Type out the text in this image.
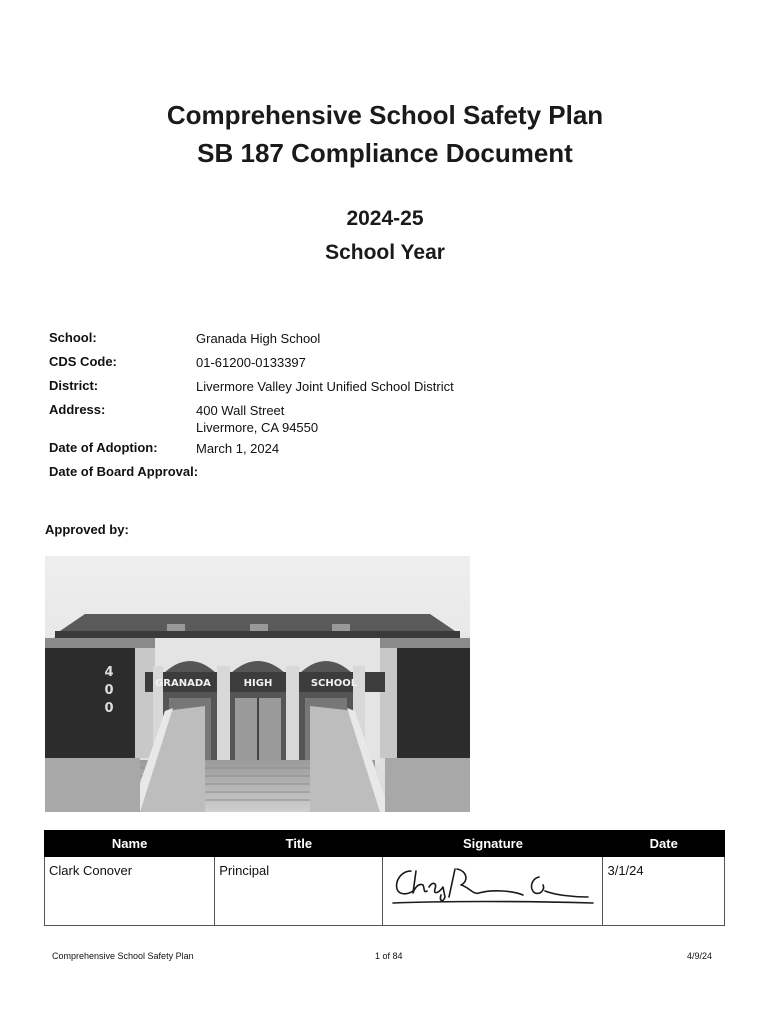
Comprehensive School Safety Plan
SB 187 Compliance Document
2024-25
School Year
School:	Granada High School
CDS Code:	01-61200-0133397
District:	Livermore Valley Joint Unified School District
Address:	400 Wall Street
Livermore, CA 94550
Date of Adoption:	March 1, 2024
Date of Board Approval:
Approved by:
GRANADA	HIGH	SCHOOL
4
0
0
Name	Title	Signature	Date
Clark Conover	Principal		3/1/24
Comprehensive School Safety Plan	1 of 84	4/9/24
